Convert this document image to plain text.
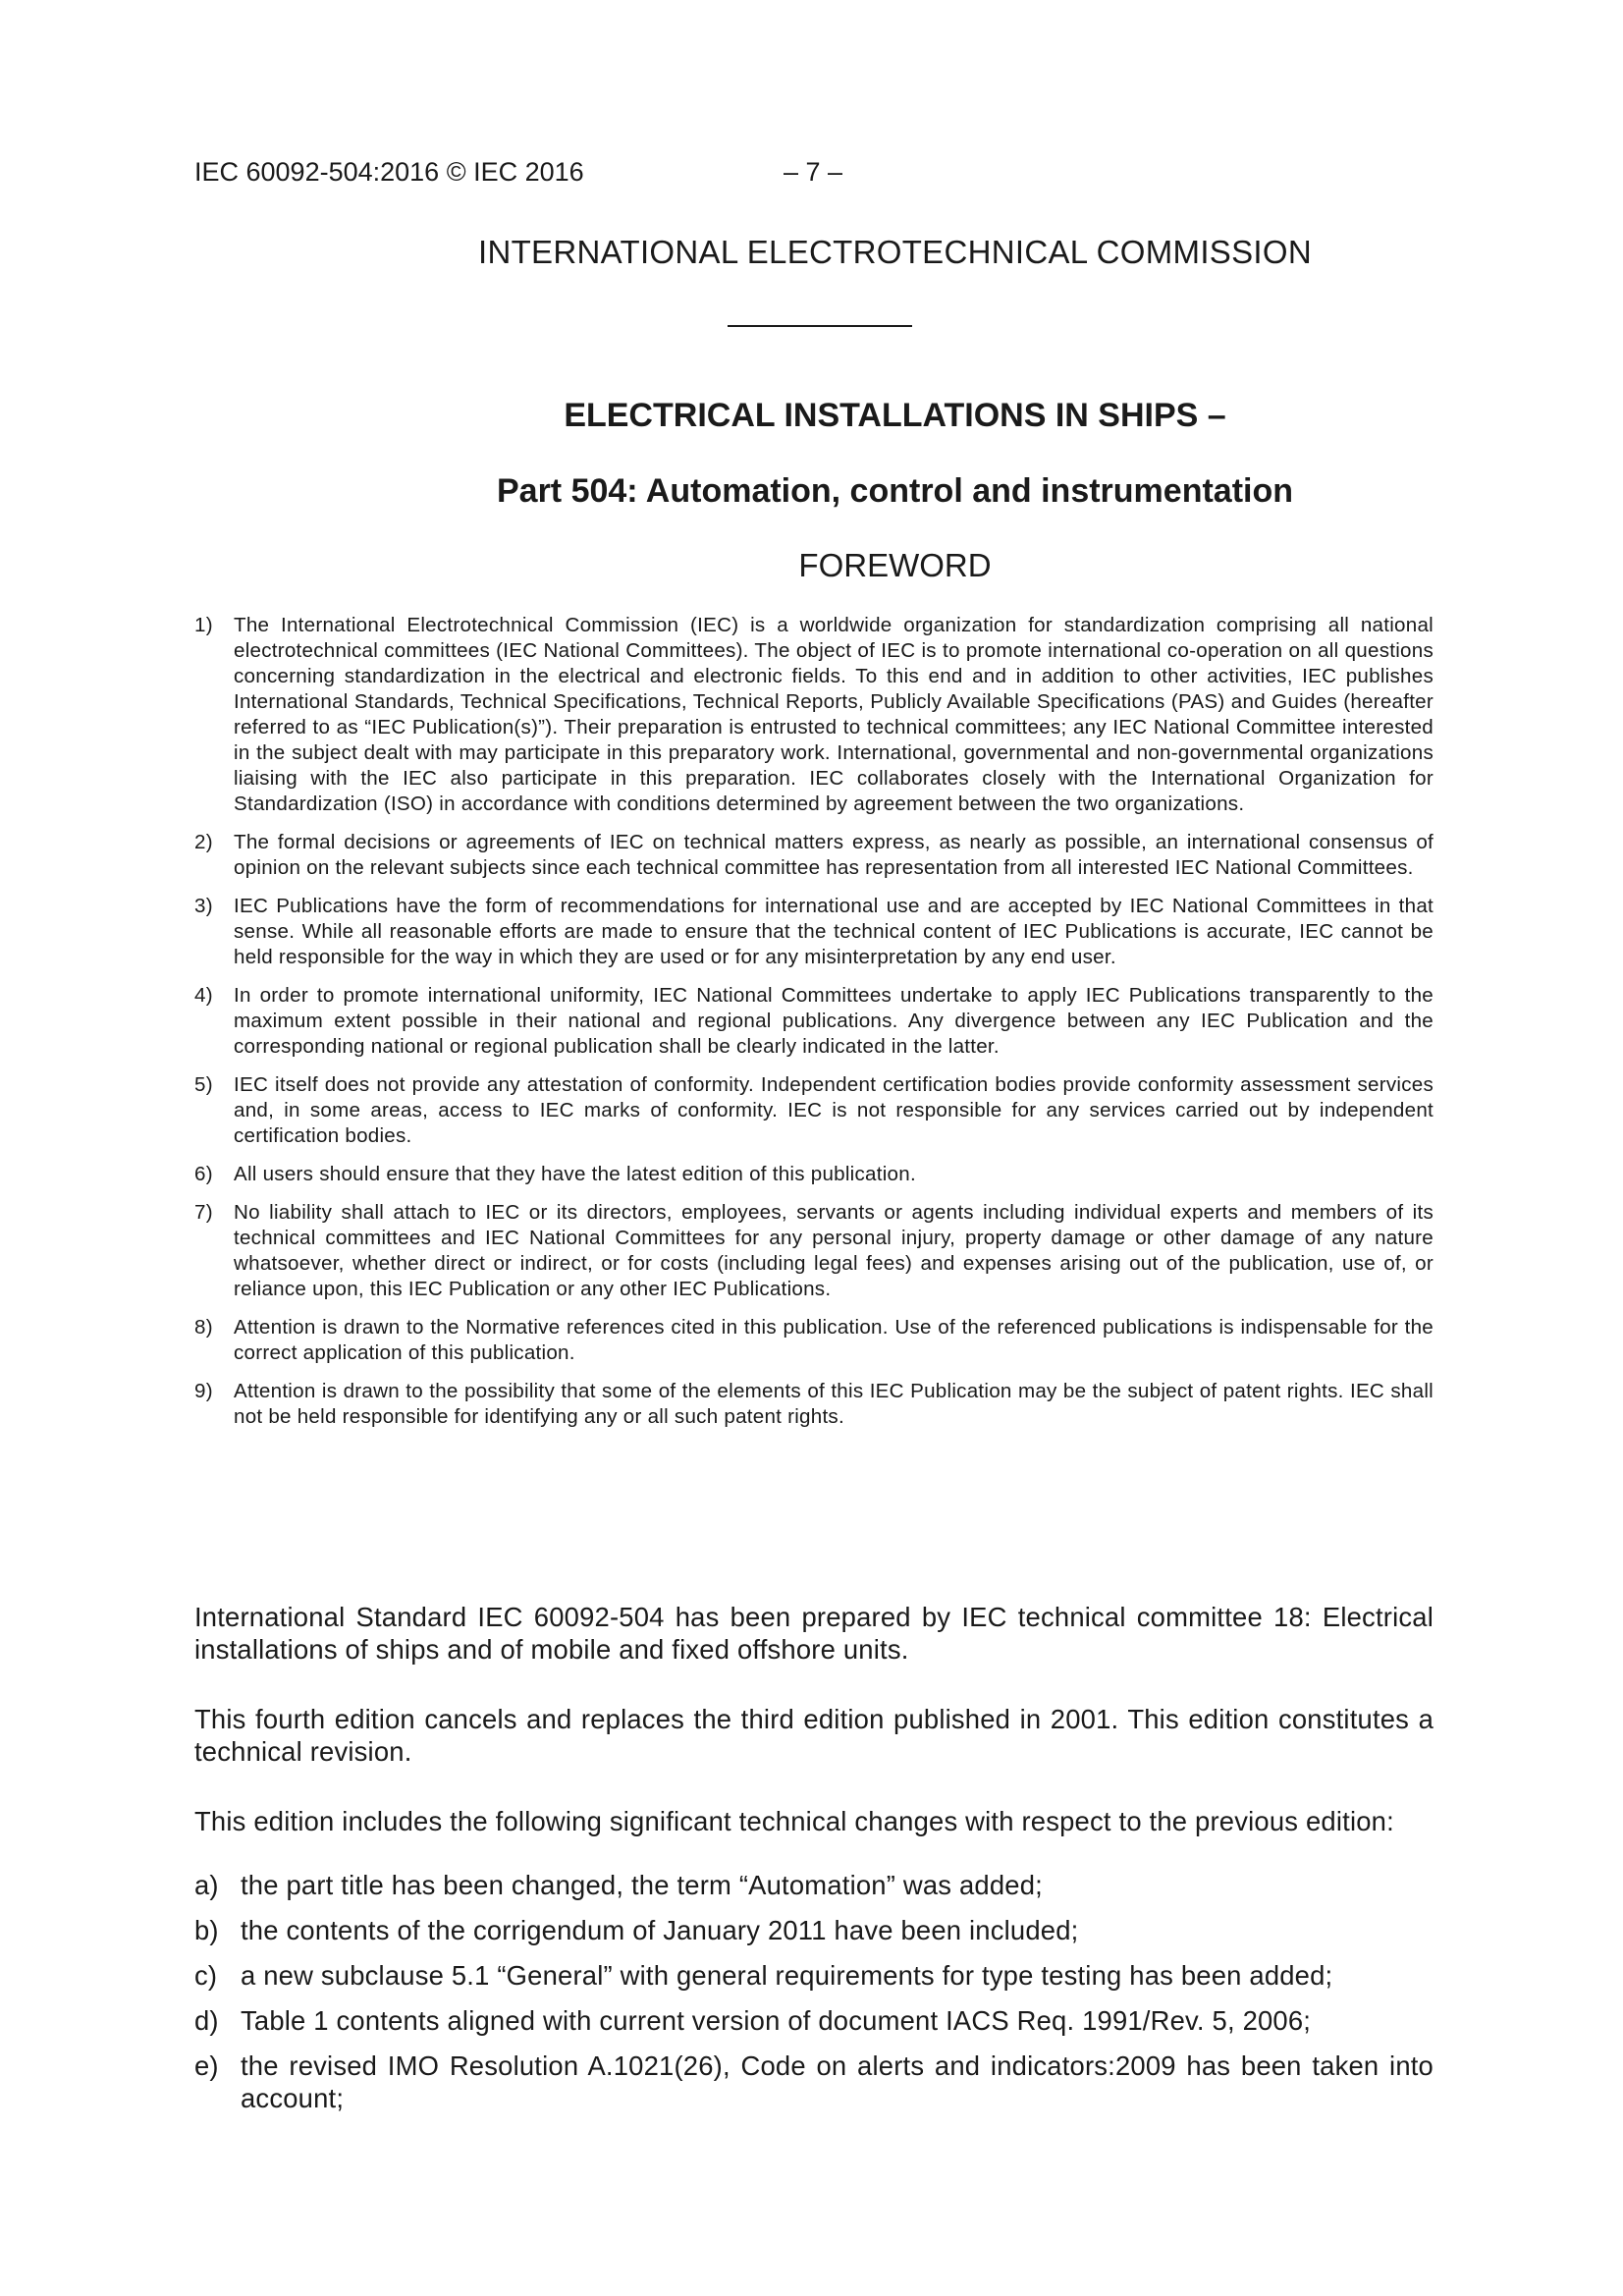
IEC 60092-504:2016 © IEC 2016	– 7 –
INTERNATIONAL ELECTROTECHNICAL COMMISSION
ELECTRICAL INSTALLATIONS IN SHIPS –
Part 504: Automation, control and instrumentation
FOREWORD
1) The International Electrotechnical Commission (IEC) is a worldwide organization for standardization comprising all national electrotechnical committees (IEC National Committees). The object of IEC is to promote international co-operation on all questions concerning standardization in the electrical and electronic fields. To this end and in addition to other activities, IEC publishes International Standards, Technical Specifications, Technical Reports, Publicly Available Specifications (PAS) and Guides (hereafter referred to as “IEC Publication(s)”). Their preparation is entrusted to technical committees; any IEC National Committee interested in the subject dealt with may participate in this preparatory work. International, governmental and non-governmental organizations liaising with the IEC also participate in this preparation. IEC collaborates closely with the International Organization for Standardization (ISO) in accordance with conditions determined by agreement between the two organizations.
2) The formal decisions or agreements of IEC on technical matters express, as nearly as possible, an international consensus of opinion on the relevant subjects since each technical committee has representation from all interested IEC National Committees.
3) IEC Publications have the form of recommendations for international use and are accepted by IEC National Committees in that sense. While all reasonable efforts are made to ensure that the technical content of IEC Publications is accurate, IEC cannot be held responsible for the way in which they are used or for any misinterpretation by any end user.
4) In order to promote international uniformity, IEC National Committees undertake to apply IEC Publications transparently to the maximum extent possible in their national and regional publications. Any divergence between any IEC Publication and the corresponding national or regional publication shall be clearly indicated in the latter.
5) IEC itself does not provide any attestation of conformity. Independent certification bodies provide conformity assessment services and, in some areas, access to IEC marks of conformity. IEC is not responsible for any services carried out by independent certification bodies.
6) All users should ensure that they have the latest edition of this publication.
7) No liability shall attach to IEC or its directors, employees, servants or agents including individual experts and members of its technical committees and IEC National Committees for any personal injury, property damage or other damage of any nature whatsoever, whether direct or indirect, or for costs (including legal fees) and expenses arising out of the publication, use of, or reliance upon, this IEC Publication or any other IEC Publications.
8) Attention is drawn to the Normative references cited in this publication. Use of the referenced publications is indispensable for the correct application of this publication.
9) Attention is drawn to the possibility that some of the elements of this IEC Publication may be the subject of patent rights. IEC shall not be held responsible for identifying any or all such patent rights.

International Standard IEC 60092-504 has been prepared by IEC technical committee 18: Electrical installations of ships and of mobile and fixed offshore units.

This fourth edition cancels and replaces the third edition published in 2001. This edition constitutes a technical revision.

This edition includes the following significant technical changes with respect to the previous edition:

a) the part title has been changed, the term “Automation” was added;
b) the contents of the corrigendum of January 2011 have been included;
c) a new subclause 5.1 “General” with general requirements for type testing has been added;
d) Table 1 contents aligned with current version of document IACS Req. 1991/Rev. 5, 2006;
e) the revised IMO Resolution A.1021(26), Code on alerts and indicators:2009 has been taken into account;
